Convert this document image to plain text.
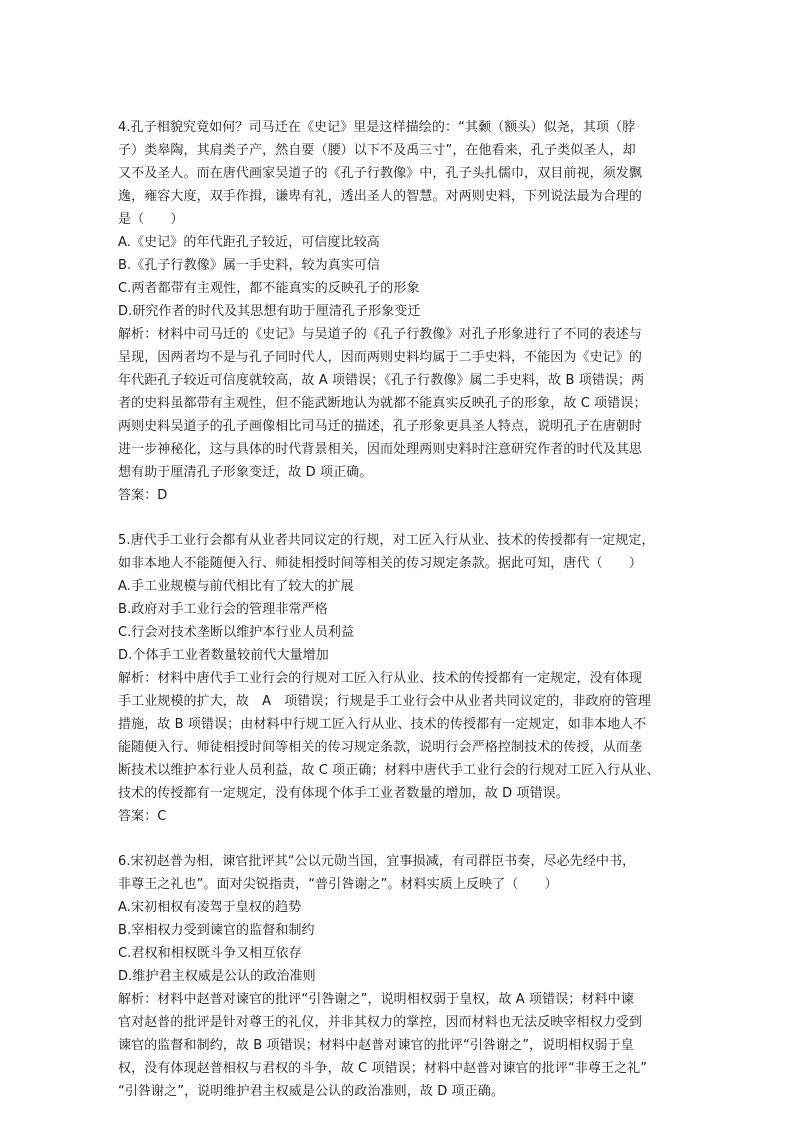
4.孔子相貌究竟如何？司马迁在《史记》里是这样描绘的：“其颡（额头）似尧，其项（脖
子）类皋陶，其肩类子产，然自要（腰）以下不及禹三寸”，在他看来，孔子类似圣人，却
又不及圣人。而在唐代画家吴道子的《孔子行教像》中，孔子头扎儒巾，双目前视，须发飘
逸，雍容大度，双手作揖，谦卑有礼，透出圣人的智慧。对两则史料，下列说法最为合理的
是（　　）
A.《史记》的年代距孔子较近，可信度比较高
B.《孔子行教像》属一手史料，较为真实可信
C.两者都带有主观性，都不能真实的反映孔子的形象
D.研究作者的时代及其思想有助于厘清孔子形象变迁
解析：材料中司马迁的《史记》与吴道子的《孔子行教像》对孔子形象进行了不同的表述与
呈现，因两者均不是与孔子同时代人，因而两则史料均属于二手史料，不能因为《史记》的
年代距孔子较近可信度就较高，故 A 项错误；《孔子行教像》属二手史料，故 B 项错误；两
者的史料虽都带有主观性，但不能武断地认为就都不能真实反映孔子的形象，故 C 项错误；
两则史料吴道子的孔子画像相比司马迁的描述，孔子形象更具圣人特点，说明孔子在唐朝时
进一步神秘化，这与具体的时代背景相关，因而处理两则史料时注意研究作者的时代及其思
想有助于厘清孔子形象变迁，故 D 项正确。
答案：D
5.唐代手工业行会都有从业者共同议定的行规，对工匠入行从业、技术的传授都有一定规定，
如非本地人不能随便入行、师徒相授时间等相关的传习规定条款。据此可知，唐代（　　）
A.手工业规模与前代相比有了较大的扩展
B.政府对手工业行会的管理非常严格
C.行会对技术垄断以维护本行业人员利益
D.个体手工业者数量较前代大量增加
解析：材料中唐代手工业行会的行规对工匠入行从业、技术的传授都有一定规定，没有体现
手工业规模的扩大，故　A　项错误；行规是手工业行会中从业者共同议定的，非政府的管理
措施，故 B 项错误；由材料中行规工匠入行从业、技术的传授都有一定规定，如非本地人不
能随便入行、师徒相授时间等相关的传习规定条款，说明行会严格控制技术的传授，从而垄
断技术以维护本行业人员利益，故 C 项正确；材料中唐代手工业行会的行规对工匠入行从业、
技术的传授都有一定规定，没有体现个体手工业者数量的增加，故 D 项错误。
答案：C
6.宋初赵普为相，谏官批评其“公以元勋当国，宜事损减，有司群臣书奏，尽必先经中书，
非尊王之礼也”。面对尖锐指责，“普引咎谢之”。材料实质上反映了（　　）
A.宋初相权有凌驾于皇权的趋势
B.宰相权力受到谏官的监督和制约
C.君权和相权既斗争又相互依存
D.维护君主权威是公认的政治准则
解析：材料中赵普对谏官的批评“引咎谢之”，说明相权弱于皇权，故 A 项错误；材料中谏
官对赵普的批评是针对尊王的礼仪，并非其权力的掌控，因而材料也无法反映宰相权力受到
谏官的监督和制约，故 B 项错误；材料中赵普对谏官的批评“引咎谢之”，说明相权弱于皇
权，没有体现赵普相权与君权的斗争，故 C 项错误；材料中赵普对谏官的批评“非尊王之礼”
“引咎谢之”，说明维护君主权威是公认的政治准则，故 D 项正确。
